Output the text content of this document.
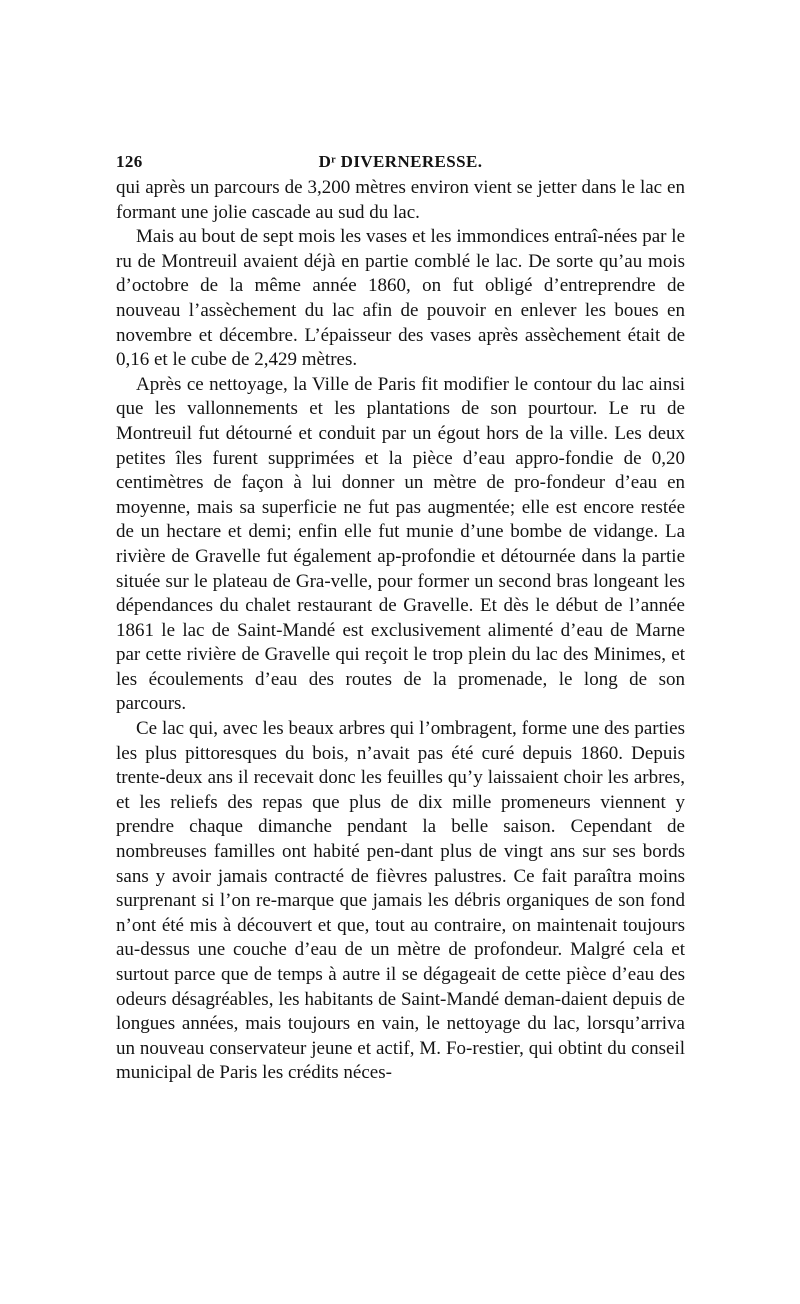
126	Dʳ DIVERNERESSE.

qui après un parcours de 3,200 mètres environ vient se jetter dans le lac en formant une jolie cascade au sud du lac.

Mais au bout de sept mois les vases et les immondices entraî-nées par le ru de Montreuil avaient déjà en partie comblé le lac. De sorte qu’au mois d’octobre de la même année 1860, on fut obligé d’entreprendre de nouveau l’assèchement du lac afin de pouvoir en enlever les boues en novembre et décembre. L’épaisseur des vases après assèchement était de 0,16 et le cube de 2,429 mètres.

Après ce nettoyage, la Ville de Paris fit modifier le contour du lac ainsi que les vallonnements et les plantations de son pourtour. Le ru de Montreuil fut détourné et conduit par un égout hors de la ville. Les deux petites îles furent supprimées et la pièce d’eau appro-fondie de 0,20 centimètres de façon à lui donner un mètre de pro-fondeur d’eau en moyenne, mais sa superficie ne fut pas augmentée; elle est encore restée de un hectare et demi; enfin elle fut munie d’une bombe de vidange. La rivière de Gravelle fut également ap-profondie et détournée dans la partie située sur le plateau de Gra-velle, pour former un second bras longeant les dépendances du chalet restaurant de Gravelle. Et dès le début de l’année 1861 le lac de Saint-Mandé est exclusivement alimenté d’eau de Marne par cette rivière de Gravelle qui reçoit le trop plein du lac des Minimes, et les écoulements d’eau des routes de la promenade, le long de son parcours.

Ce lac qui, avec les beaux arbres qui l’ombragent, forme une des parties les plus pittoresques du bois, n’avait pas été curé depuis 1860. Depuis trente-deux ans il recevait donc les feuilles qu’y laissaient choir les arbres, et les reliefs des repas que plus de dix mille promeneurs viennent y prendre chaque dimanche pendant la belle saison. Cependant de nombreuses familles ont habité pen-dant plus de vingt ans sur ses bords sans y avoir jamais contracté de fièvres palustres. Ce fait paraîtra moins surprenant si l’on re-marque que jamais les débris organiques de son fond n’ont été mis à découvert et que, tout au contraire, on maintenait toujours au-dessus une couche d’eau de un mètre de profondeur. Malgré cela et surtout parce que de temps à autre il se dégageait de cette pièce d’eau des odeurs désagréables, les habitants de Saint-Mandé deman-daient depuis de longues années, mais toujours en vain, le nettoyage du lac, lorsqu’arriva un nouveau conservateur jeune et actif, M. Fo-restier, qui obtint du conseil municipal de Paris les crédits néces-
